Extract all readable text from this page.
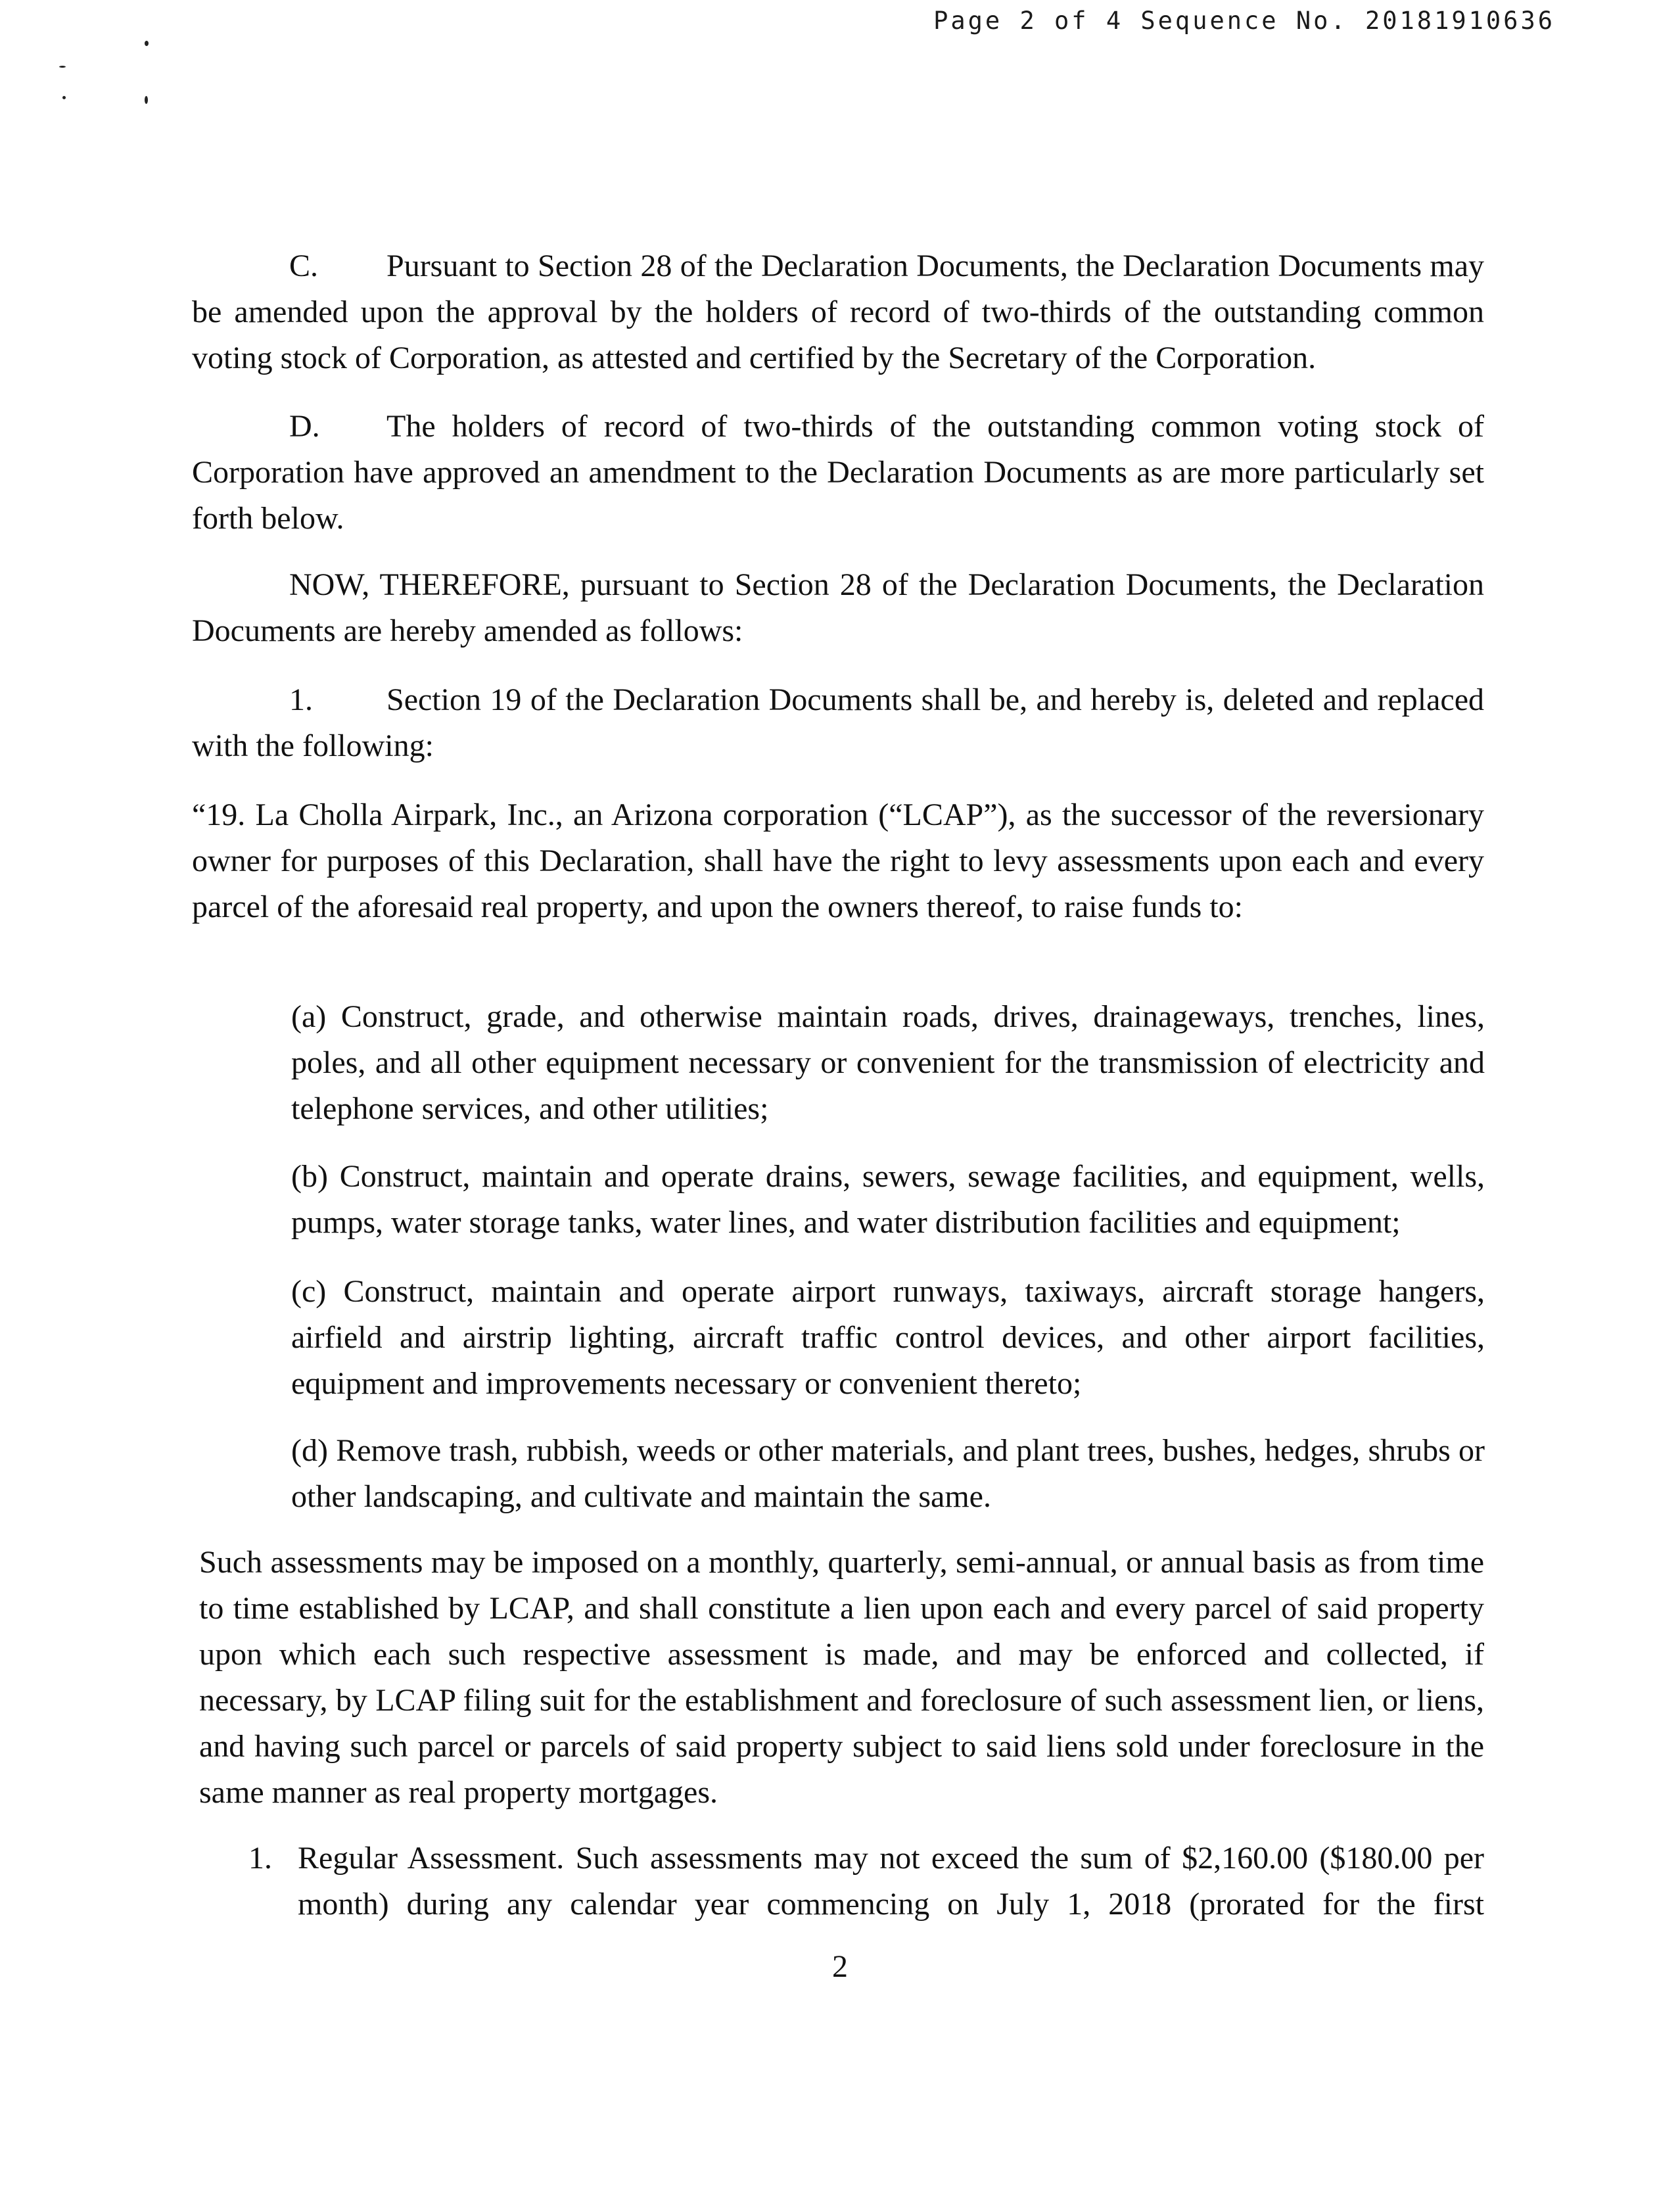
Page 2 of 4 Sequence No. 20181910636

C. Pursuant to Section 28 of the Declaration Documents, the Declaration Documents may be amended upon the approval by the holders of record of two-thirds of the outstanding common voting stock of Corporation, as attested and certified by the Secretary of the Corporation.

D. The holders of record of two-thirds of the outstanding common voting stock of Corporation have approved an amendment to the Declaration Documents as are more particularly set forth below.

NOW, THEREFORE, pursuant to Section 28 of the Declaration Documents, the Declaration Documents are hereby amended as follows:

1. Section 19 of the Declaration Documents shall be, and hereby is, deleted and replaced with the following:

“19. La Cholla Airpark, Inc., an Arizona corporation (“LCAP”), as the successor of the reversionary owner for purposes of this Declaration, shall have the right to levy assessments upon each and every parcel of the aforesaid real property, and upon the owners thereof, to raise funds to:

(a) Construct, grade, and otherwise maintain roads, drives, drainageways, trenches, lines, poles, and all other equipment necessary or convenient for the transmission of electricity and telephone services, and other utilities;

(b) Construct, maintain and operate drains, sewers, sewage facilities, and equipment, wells, pumps, water storage tanks, water lines, and water distribution facilities and equipment;

(c) Construct, maintain and operate airport runways, taxiways, aircraft storage hangers, airfield and airstrip lighting, aircraft traffic control devices, and other airport facilities, equipment and improvements necessary or convenient thereto;

(d) Remove trash, rubbish, weeds or other materials, and plant trees, bushes, hedges, shrubs or other landscaping, and cultivate and maintain the same.

Such assessments may be imposed on a monthly, quarterly, semi-annual, or annual basis as from time to time established by LCAP, and shall constitute a lien upon each and every parcel of said property upon which each such respective assessment is made, and may be enforced and collected, if necessary, by LCAP filing suit for the establishment and foreclosure of such assessment lien, or liens, and having such parcel or parcels of said property subject to said liens sold under foreclosure in the same manner as real property mortgages.

1. Regular Assessment. Such assessments may not exceed the sum of $2,160.00 ($180.00 per month) during any calendar year commencing on July 1, 2018 (prorated for the first
2
